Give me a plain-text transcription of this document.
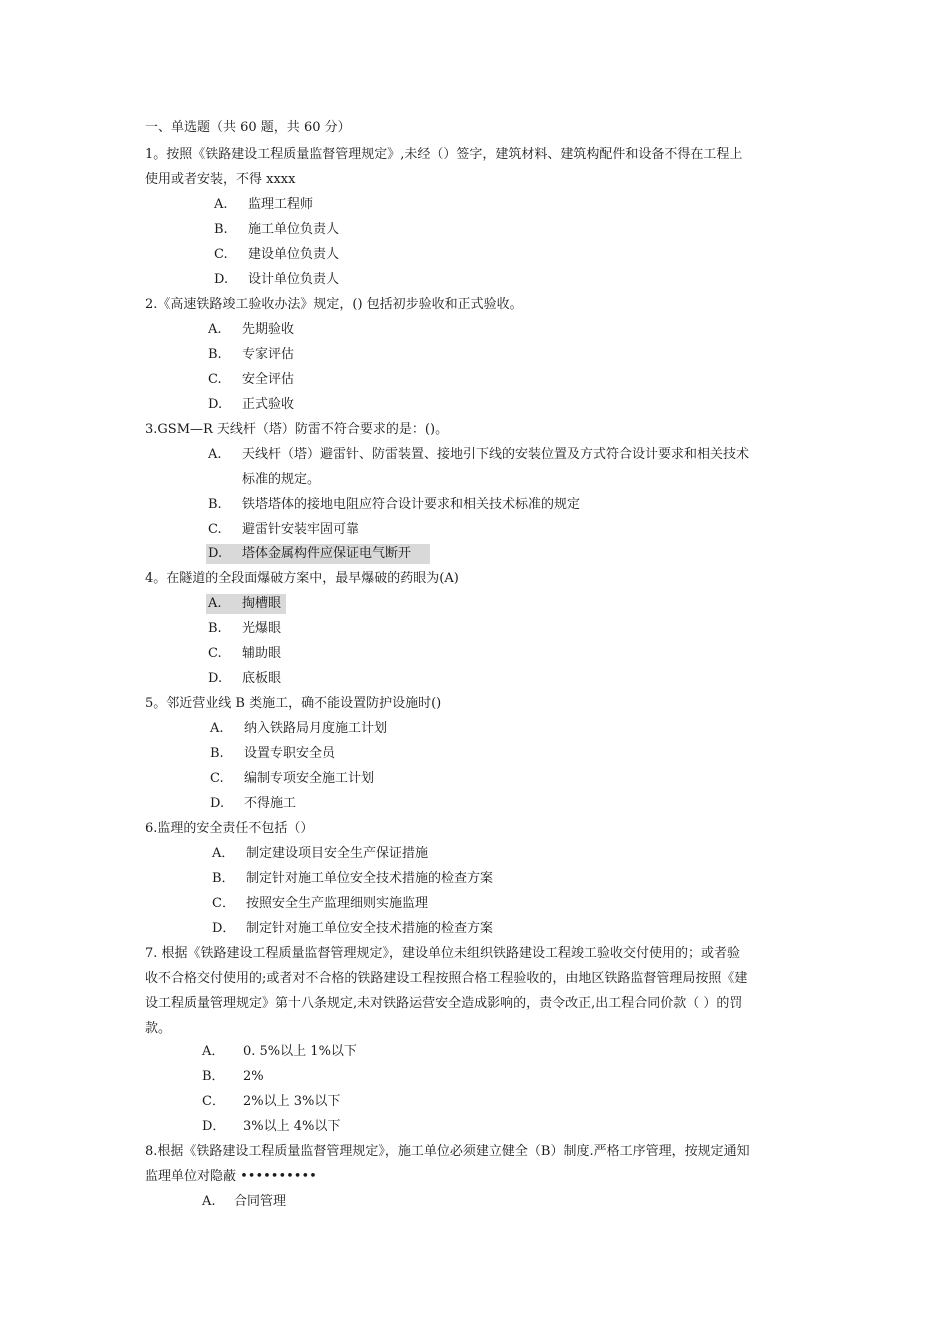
一、单选题（共 60 题，共 60 分）
1。按照《铁路建设工程质量监督管理规定》,未经（）签字，建筑材料、建筑构配件和设备不得在工程上
使用或者安装，不得 xxxx
A. 监理工程师
B. 施工单位负责人
C. 建设单位负责人
D. 设计单位负责人
2.《高速铁路竣工验收办法》规定，() 包括初步验收和正式验收。
A. 先期验收
B. 专家评估
C. 安全评估
D. 正式验收
3.GSM—R 天线杆（塔）防雷不符合要求的是：()。
A. 天线杆（塔）避雷针、防雷装置、接地引下线的安装位置及方式符合设计要求和相关技术
标准的规定。
B. 铁塔塔体的接地电阻应符合设计要求和相关技术标准的规定
C. 避雷针安装牢固可靠
D. 塔体金属构件应保证电气断开
4。在隧道的全段面爆破方案中，最早爆破的药眼为(A)
A. 掏槽眼
B. 光爆眼
C. 辅助眼
D. 底板眼
5。邻近营业线 B 类施工，确不能设置防护设施时()
A. 纳入铁路局月度施工计划
B. 设置专职安全员
C. 编制专项安全施工计划
D. 不得施工
6.监理的安全责任不包括（）
A． 制定建设项目安全生产保证措施
B． 制定针对施工单位安全技术措施的检查方案
C． 按照安全生产监理细则实施监理
D． 制定针对施工单位安全技术措施的检查方案
7. 根据《铁路建设工程质量监督管理规定》，建设单位未组织铁路建设工程竣工验收交付使用的；或者验
收不合格交付使用的;或者对不合格的铁路建设工程按照合格工程验收的，由地区铁路监督管理局按照《建
设工程质量管理规定》第十八条规定,未对铁路运营安全造成影响的，责令改正,出工程合同价款（ ）的罚
款。
A． 0. 5%以上 1%以下
B． 2%
C． 2%以上 3%以下
D． 3%以上 4%以下
8.根据《铁路建设工程质量监督管理规定》，施工单位必须建立健全（B）制度.严格工序管理，按规定通知
监理单位对隐蔽 ••••••••••
A. 合同管理
